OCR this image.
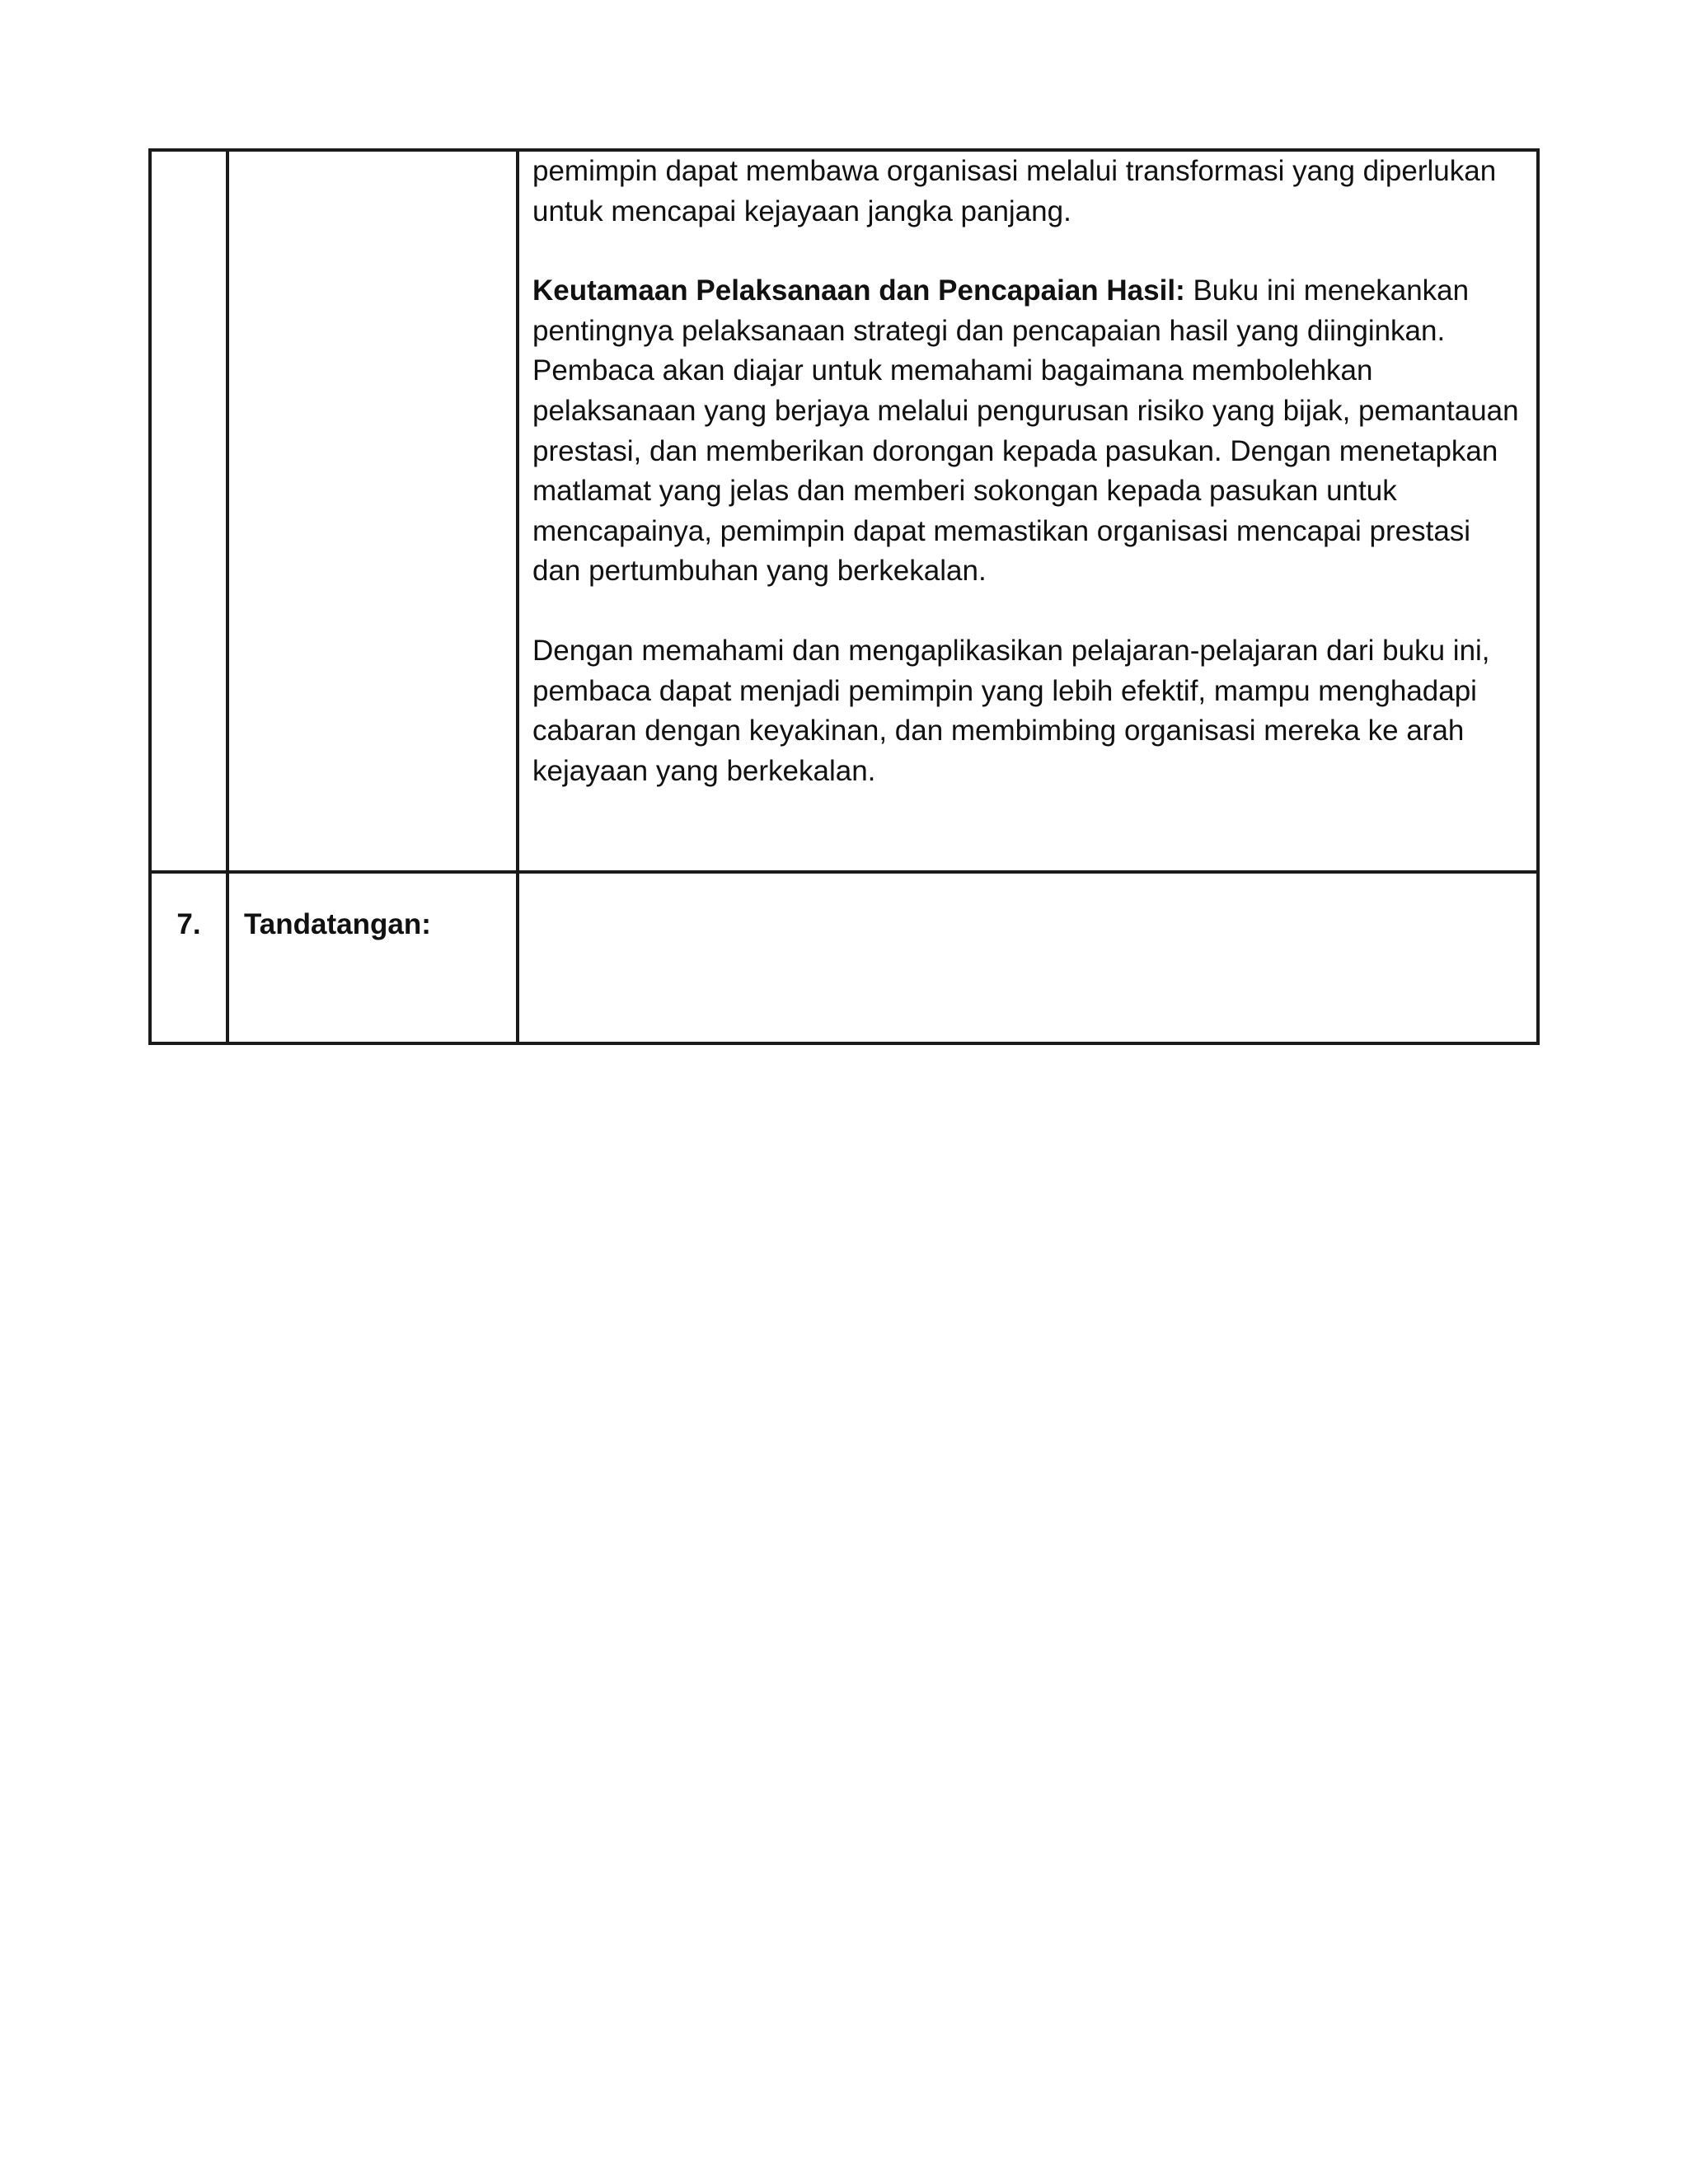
		pemimpin dapat membawa organisasi melalui transformasi yang diperlukan untuk mencapai kejayaan jangka panjang.

Keutamaan Pelaksanaan dan Pencapaian Hasil: Buku ini menekankan pentingnya pelaksanaan strategi dan pencapaian hasil yang diinginkan. Pembaca akan diajar untuk memahami bagaimana membolehkan pelaksanaan yang berjaya melalui pengurusan risiko yang bijak, pemantauan prestasi, dan memberikan dorongan kepada pasukan. Dengan menetapkan matlamat yang jelas dan memberi sokongan kepada pasukan untuk mencapainya, pemimpin dapat memastikan organisasi mencapai prestasi dan pertumbuhan yang berkekalan.

Dengan memahami dan mengaplikasikan pelajaran-pelajaran dari buku ini, pembaca dapat menjadi pemimpin yang lebih efektif, mampu menghadapi cabaran dengan keyakinan, dan membimbing organisasi mereka ke arah kejayaan yang berkekalan.

7.	Tandatangan:	
